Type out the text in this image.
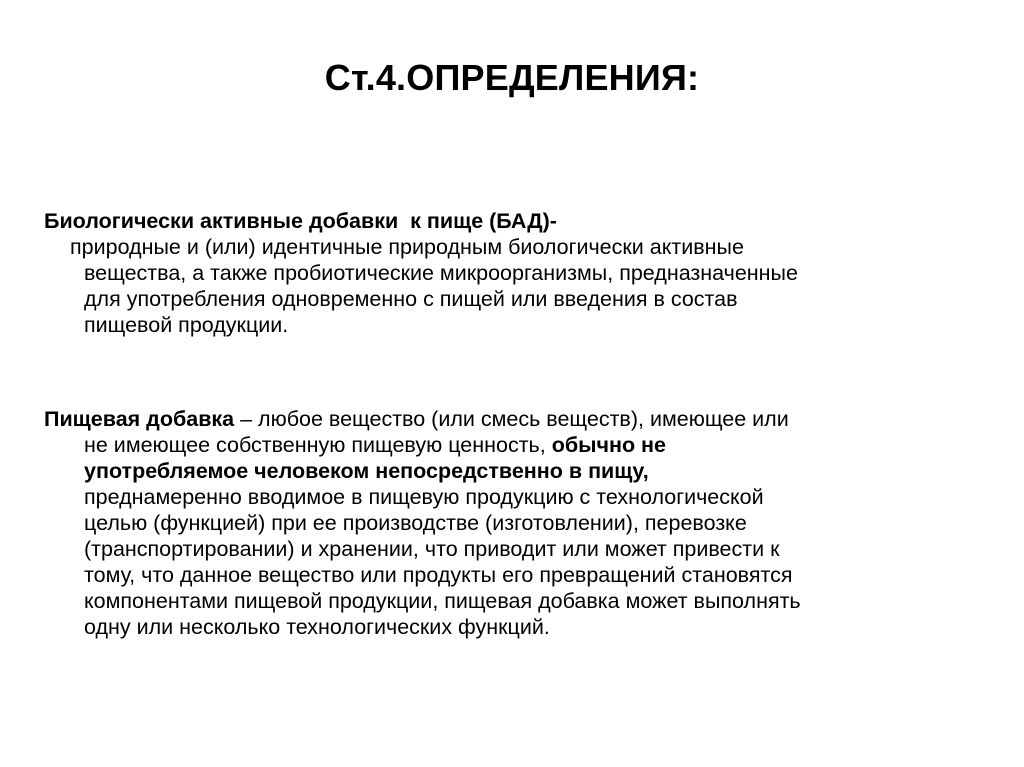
Ст.4.ОПРЕДЕЛЕНИЯ:
Биологически активные добавки  к пище (БАД)-
природные и (или) идентичные природным биологически активные
вещества, а также пробиотические микроорганизмы, предназначенные
для употребления одновременно с пищей или введения в состав
пищевой продукции.
Пищевая добавка – любое вещество (или смесь веществ), имеющее или
не имеющее собственную пищевую ценность, обычно не
употребляемое человеком непосредственно в пищу,
преднамеренно вводимое в пищевую продукцию с технологической
целью (функцией) при ее производстве (изготовлении), перевозке
(транспортировании) и хранении, что приводит или может привести к
тому, что данное вещество или продукты его превращений становятся
компонентами пищевой продукции, пищевая добавка может выполнять
одну или несколько технологических функций.
